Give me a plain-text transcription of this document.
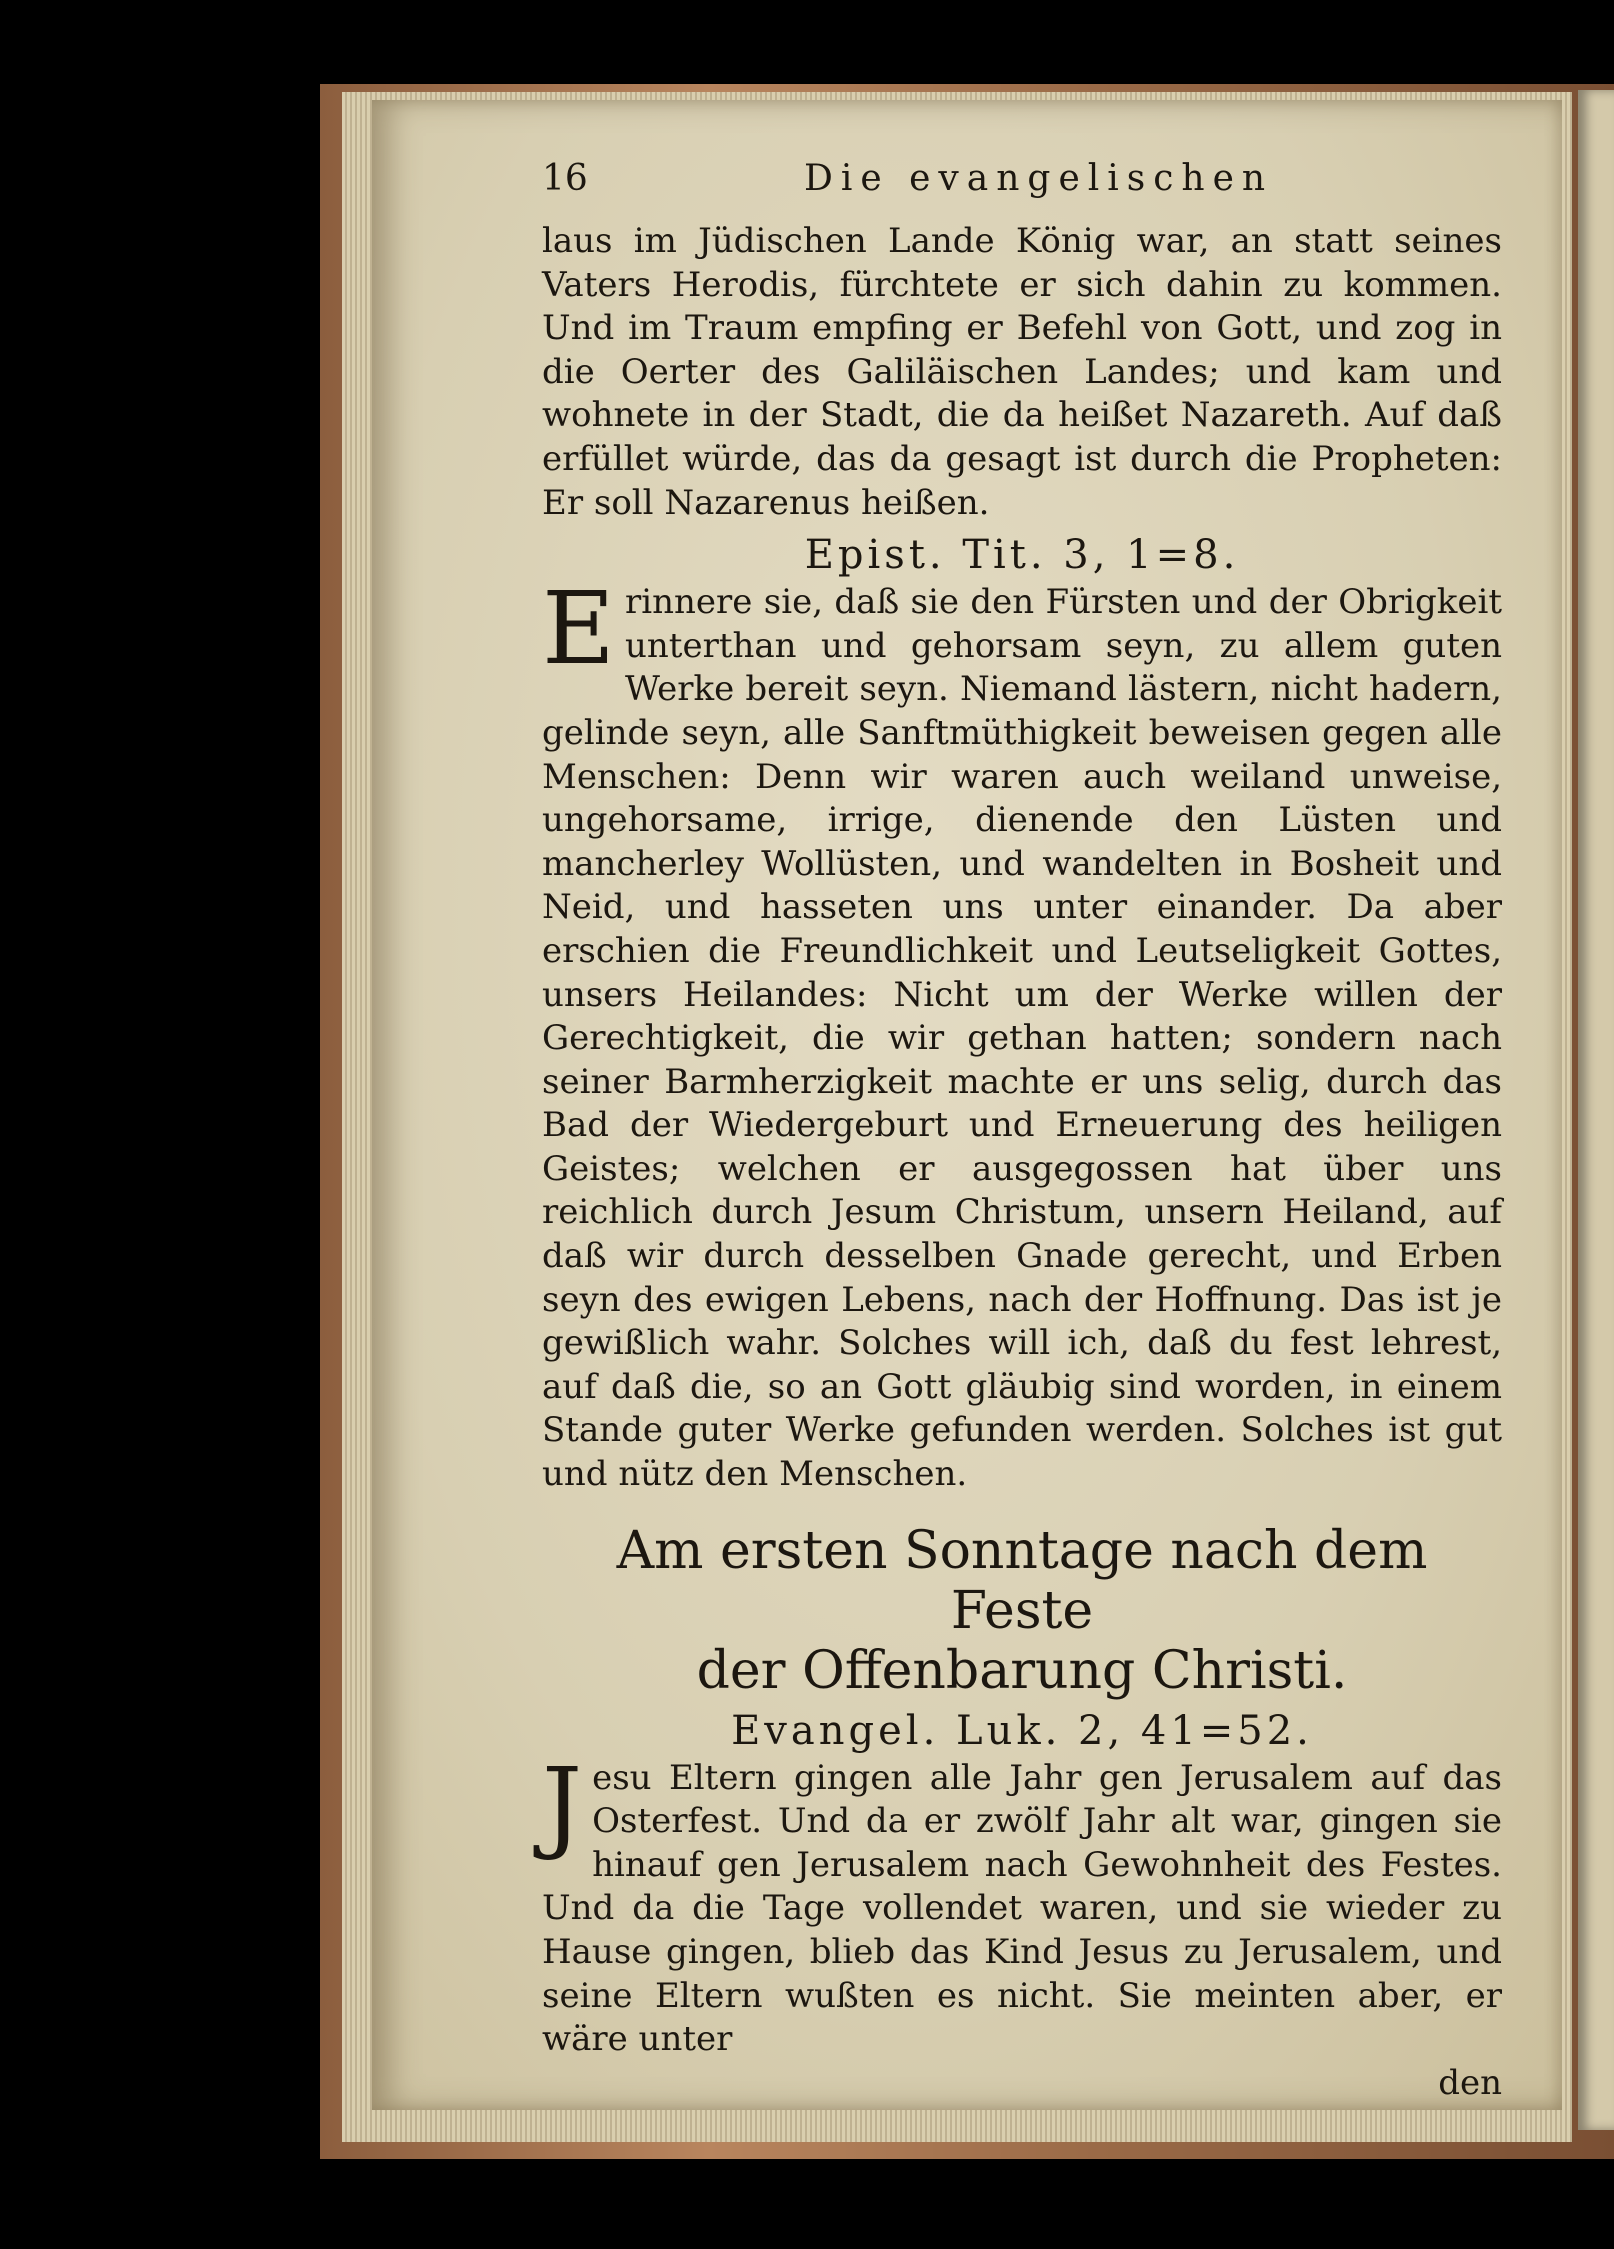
16	Die evangelischen

laus im Jüdischen Lande König war, an statt seines Vaters Herodis, fürchtete er sich dahin zu kommen. Und im Traum empfing er Befehl von Gott, und zog in die Oerter des Galiläischen Landes; und kam und wohnete in der Stadt, die da heißet Nazareth. Auf daß erfüllet würde, das da gesagt ist durch die Propheten: Er soll Nazarenus heißen.

Epist. Tit. 3, 1=8.

Erinnere sie, daß sie den Fürsten und der Obrigkeit unterthan und gehorsam seyn, zu allem guten Werke bereit seyn. Niemand lästern, nicht hadern, gelinde seyn, alle Sanftmüthigkeit beweisen gegen alle Menschen: Denn wir waren auch weiland unweise, ungehorsame, irrige, dienende den Lüsten und mancherley Wollüsten, und wandelten in Bosheit und Neid, und hasseten uns unter einander. Da aber erschien die Freundlichkeit und Leutseligkeit Gottes, unsers Heilandes: Nicht um der Werke willen der Gerechtigkeit, die wir gethan hatten; sondern nach seiner Barmherzigkeit machte er uns selig, durch das Bad der Wiedergeburt und Erneuerung des heiligen Geistes; welchen er ausgegossen hat über uns reichlich durch Jesum Christum, unsern Heiland, auf daß wir durch desselben Gnade gerecht, und Erben seyn des ewigen Lebens, nach der Hoffnung. Das ist je gewißlich wahr. Solches will ich, daß du fest lehrest, auf daß die, so an Gott gläubig sind worden, in einem Stande guter Werke gefunden werden. Solches ist gut und nütz den Menschen.

Am ersten Sonntage nach dem Feste
der Offenbarung Christi.
Evangel. Luk. 2, 41=52.

Jesu Eltern gingen alle Jahr gen Jerusalem auf das Osterfest. Und da er zwölf Jahr alt war, gingen sie hinauf gen Jerusalem nach Gewohnheit des Festes. Und da die Tage vollendet waren, und sie wieder zu Hause gingen, blieb das Kind Jesus zu Jerusalem, und seine Eltern wußten es nicht. Sie meinten aber, er wäre unter

den
